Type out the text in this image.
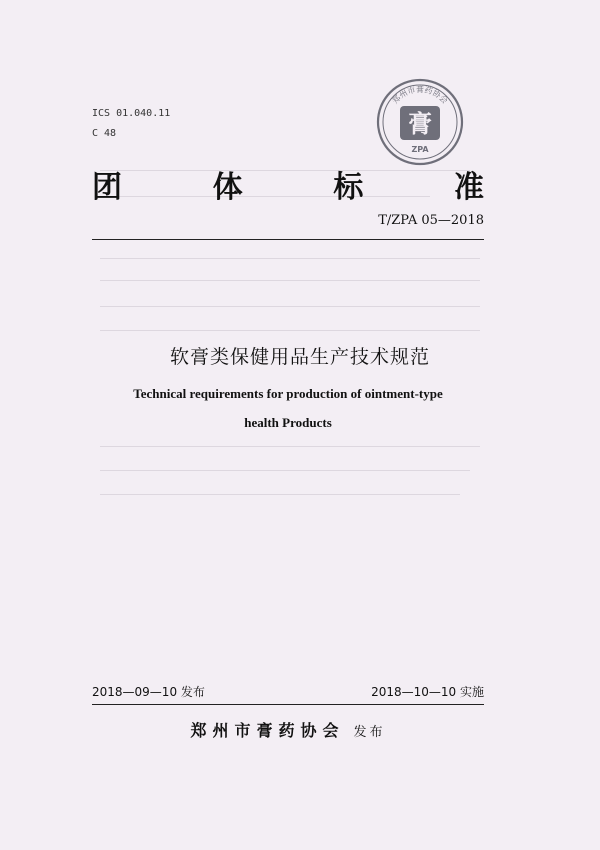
ICS 01.040.11
C 48
郑州市膏药协会
膏
ZPA
团	体	标	准
T/ZPA 05—2018
软膏类保健用品生产技术规范
Technical requirements for production of ointment-type
health Products
2018—09—10 发布	2018—10—10 实施
郑州市膏药协会 发布
